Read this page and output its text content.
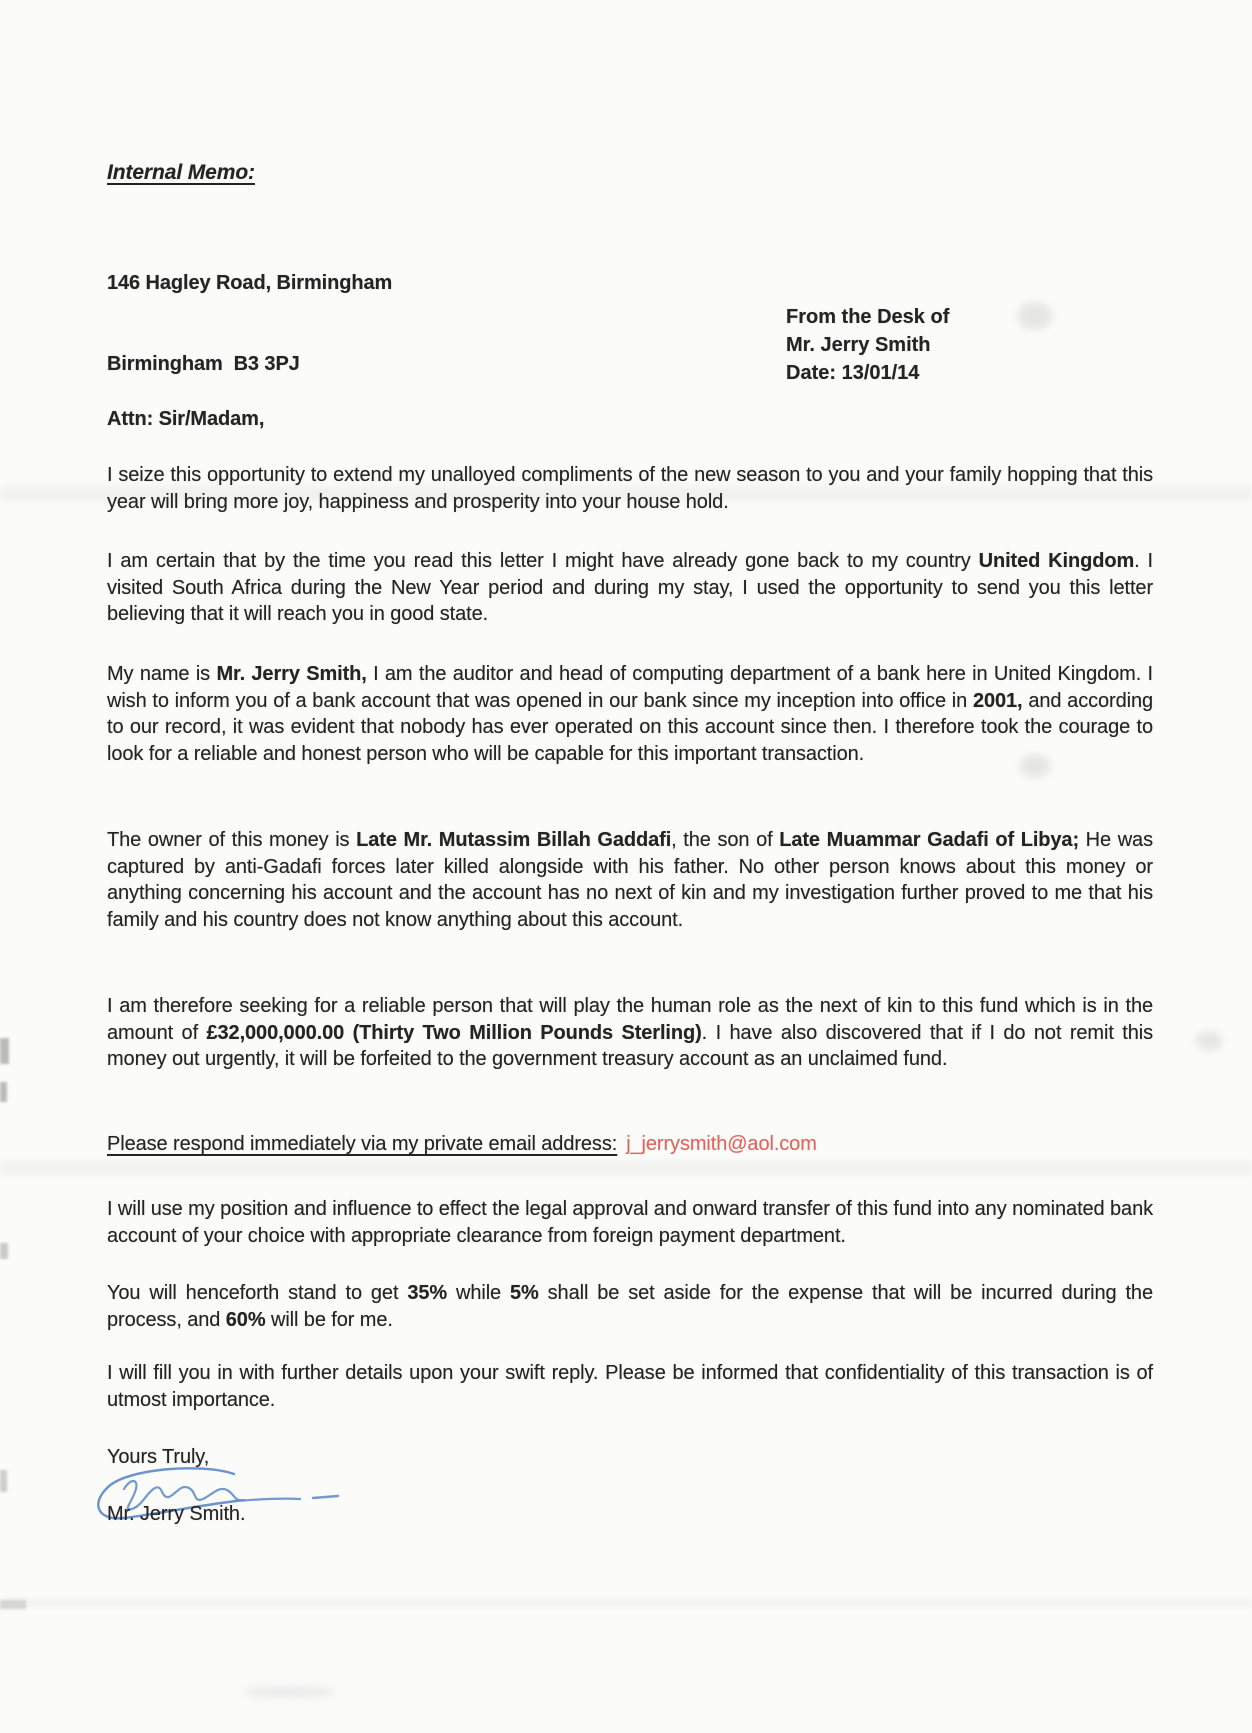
Internal Memo:

146 Hagley Road, Birmingham

Birmingham  B3 3PJ

From the Desk of
Mr. Jerry Smith
Date: 13/01/14
Attn: Sir/Madam,
I seize this opportunity to extend my unalloyed compliments of the new season to you and your family hopping that this year will bring more joy, happiness and prosperity into your house hold.
I am certain that by the time you read this letter I might have already gone back to my country United Kingdom. I visited South Africa during the New Year period and during my stay, I used the opportunity to send you this letter believing that it will reach you in good state.
My name is Mr. Jerry Smith, I am the auditor and head of computing department of a bank here in United Kingdom. I wish to inform you of a bank account that was opened in our bank since my inception into office in 2001, and according to our record, it was evident that nobody has ever operated on this account since then. I therefore took the courage to look for a reliable and honest person who will be capable for this important transaction.
The owner of this money is Late Mr. Mutassim Billah Gaddafi, the son of Late Muammar Gadafi of Libya; He was captured by anti-Gadafi forces later killed alongside with his father. No other person knows about this money or anything concerning his account and the account has no next of kin and my investigation further proved to me that his family and his country does not know anything about this account.
I am therefore seeking for a reliable person that will play the human role as the next of kin to this fund which is in the amount of £32,000,000.00 (Thirty Two Million Pounds Sterling). I have also discovered that if I do not remit this money out urgently, it will be forfeited to the government treasury account as an unclaimed fund.
Please respond immediately via my private email address: j_jerrysmith@aol.com
I will use my position and influence to effect the legal approval and onward transfer of this fund into any nominated bank account of your choice with appropriate clearance from foreign payment department.
You will henceforth stand to get 35% while 5% shall be set aside for the expense that will be incurred during the process, and 60% will be for me.
I will fill you in with further details upon your swift reply. Please be informed that confidentiality of this transaction is of utmost importance.
Yours Truly,
Mr. Jerry Smith.
